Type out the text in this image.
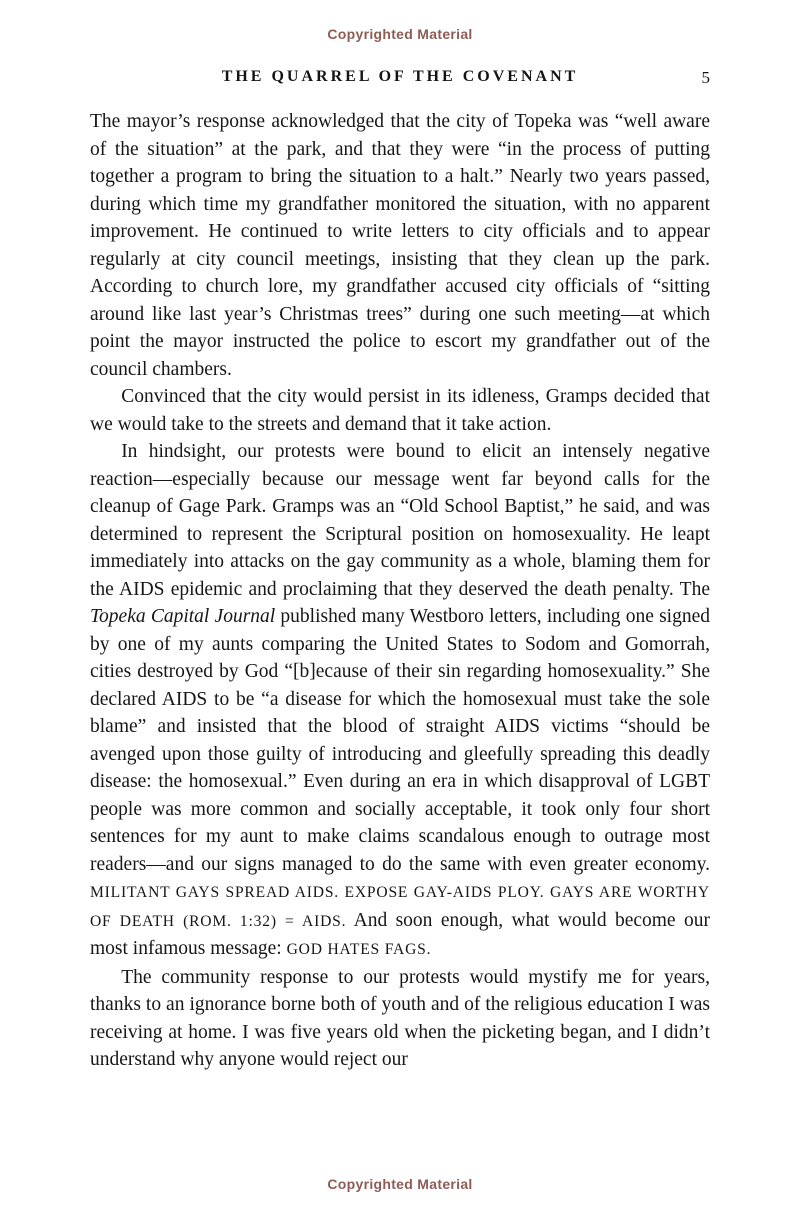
Copyrighted Material
THE QUARREL OF THE COVENANT	5

The mayor’s response acknowledged that the city of Topeka was “well aware of the situation” at the park, and that they were “in the process of putting together a program to bring the situation to a halt.” Nearly two years passed, during which time my grandfather monitored the situation, with no apparent improvement. He continued to write letters to city officials and to appear regularly at city council meetings, insisting that they clean up the park. According to church lore, my grandfather accused city officials of “sitting around like last year’s Christmas trees” during one such meeting—at which point the mayor instructed the police to escort my grandfather out of the council chambers.

Convinced that the city would persist in its idleness, Gramps decided that we would take to the streets and demand that it take action.

In hindsight, our protests were bound to elicit an intensely negative reaction—especially because our message went far beyond calls for the cleanup of Gage Park. Gramps was an “Old School Baptist,” he said, and was determined to represent the Scriptural position on homosexuality. He leapt immediately into attacks on the gay community as a whole, blaming them for the AIDS epidemic and proclaiming that they deserved the death penalty. The Topeka Capital Journal published many Westboro letters, including one signed by one of my aunts comparing the United States to Sodom and Gomorrah, cities destroyed by God “[b]ecause of their sin regarding homosexuality.” She declared AIDS to be “a disease for which the homosexual must take the sole blame” and insisted that the blood of straight AIDS victims “should be avenged upon those guilty of introducing and gleefully spreading this deadly disease: the homosexual.” Even during an era in which disapproval of LGBT people was more common and socially acceptable, it took only four short sentences for my aunt to make claims scandalous enough to outrage most readers—and our signs managed to do the same with even greater economy. MILITANT GAYS SPREAD AIDS. EXPOSE GAY-AIDS PLOY. GAYS ARE WORTHY OF DEATH (ROM. 1:32) = AIDS. And soon enough, what would become our most infamous message: GOD HATES FAGS.

The community response to our protests would mystify me for years, thanks to an ignorance borne both of youth and of the religious education I was receiving at home. I was five years old when the picketing began, and I didn’t understand why anyone would reject our

Copyrighted Material
